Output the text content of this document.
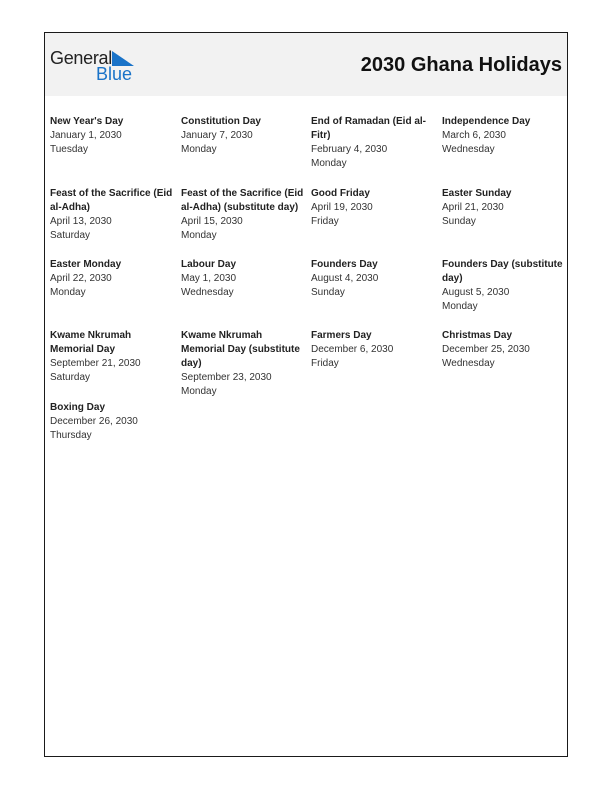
General
Blue	2030 Ghana Holidays
New Year's Day
January 1, 2030
Tuesday
Constitution Day
January 7, 2030
Monday
End of Ramadan (Eid al-Fitr)
February 4, 2030
Monday
Independence Day
March 6, 2030
Wednesday
Feast of the Sacrifice (Eid al-Adha)
April 13, 2030
Saturday
Feast of the Sacrifice (Eid al-Adha) (substitute day)
April 15, 2030
Monday
Good Friday
April 19, 2030
Friday
Easter Sunday
April 21, 2030
Sunday
Easter Monday
April 22, 2030
Monday
Labour Day
May 1, 2030
Wednesday
Founders Day
August 4, 2030
Sunday
Founders Day (substitute day)
August 5, 2030
Monday
Kwame Nkrumah Memorial Day
September 21, 2030
Saturday
Kwame Nkrumah Memorial Day (substitute day)
September 23, 2030
Monday
Farmers Day
December 6, 2030
Friday
Christmas Day
December 25, 2030
Wednesday
Boxing Day
December 26, 2030
Thursday
